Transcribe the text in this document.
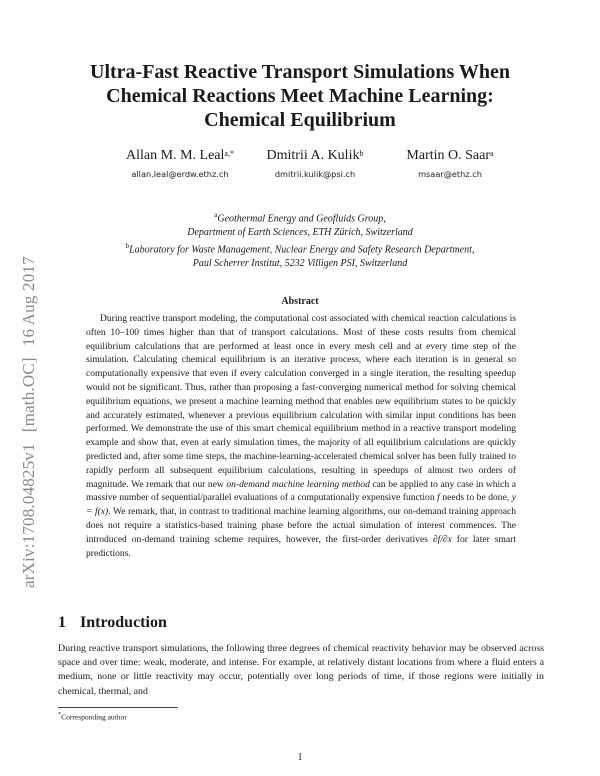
arXiv:1708.04825v1[math.OC]16 Aug 2017
Ultra-Fast Reactive Transport Simulations When
Chemical Reactions Meet Machine Learning:
Chemical Equilibrium
Allan M. M. Leal$^{a,*}$
allan.leal@erdw.ethz.ch
Dmitrii A. Kulik$^b$
dmitrii.kulik@psi.ch
Martin O. Saar$^a$
msaar@ethz.ch
$^a$Geothermal Energy and Geofluids Group,
Department of Earth Sciences, ETH Zürich, Switzerland
$^b$Laboratory for Waste Management, Nuclear Energy and Safety Research Department,
Paul Scherrer Institut, 5232 Villigen PSI, Switzerland
Abstract

During reactive transport modeling, the computational cost associated with chemical reaction calculations is often 10–100 times higher than that of transport calculations. Most of these costs results from chemical equilibrium calculations that are performed at least once in every mesh cell and at every time step of the simulation. Calculating chemical equilibrium is an iterative process, where each iteration is in general so computationally expensive that even if every calculation converged in a single iteration, the resulting speedup would not be significant. Thus, rather than proposing a fast-converging numerical method for solving chemical equilibrium equations, we present a machine learning method that enables new equilibrium states to be quickly and accurately estimated, whenever a previous equilibrium calculation with similar input conditions has been performed. We demonstrate the use of this smart chemical equilibrium method in a reactive transport modeling example and show that, even at early simulation times, the majority of all equilibrium calculations are quickly predicted and, after some time steps, the machine-learning-accelerated chemical solver has been fully trained to rapidly perform all subsequent equilibrium calculations, resulting in speedups of almost two orders of magnitude. We remark that our new on-demand machine learning method can be applied to any case in which a massive number of sequential/parallel evaluations of a computationally expensive function f needs to be done, y = f(x). We remark, that, in contrast to traditional machine learning algorithms, our on-demand training approach does not require a statistics-based training phase before the actual simulation of interest commences. The introduced on-demand training scheme requires, however, the first-order derivatives ∂f/∂x for later smart predictions.

1 Introduction

During reactive transport simulations, the following three degrees of chemical reactivity behavior may be observed across space and over time: weak, moderate, and intense. For example, at relatively distant locations from where a fluid enters a medium, none or little reactivity may occur, potentially over long periods of time, if those regions were initially in chemical, thermal, and

*Corresponding author
1
